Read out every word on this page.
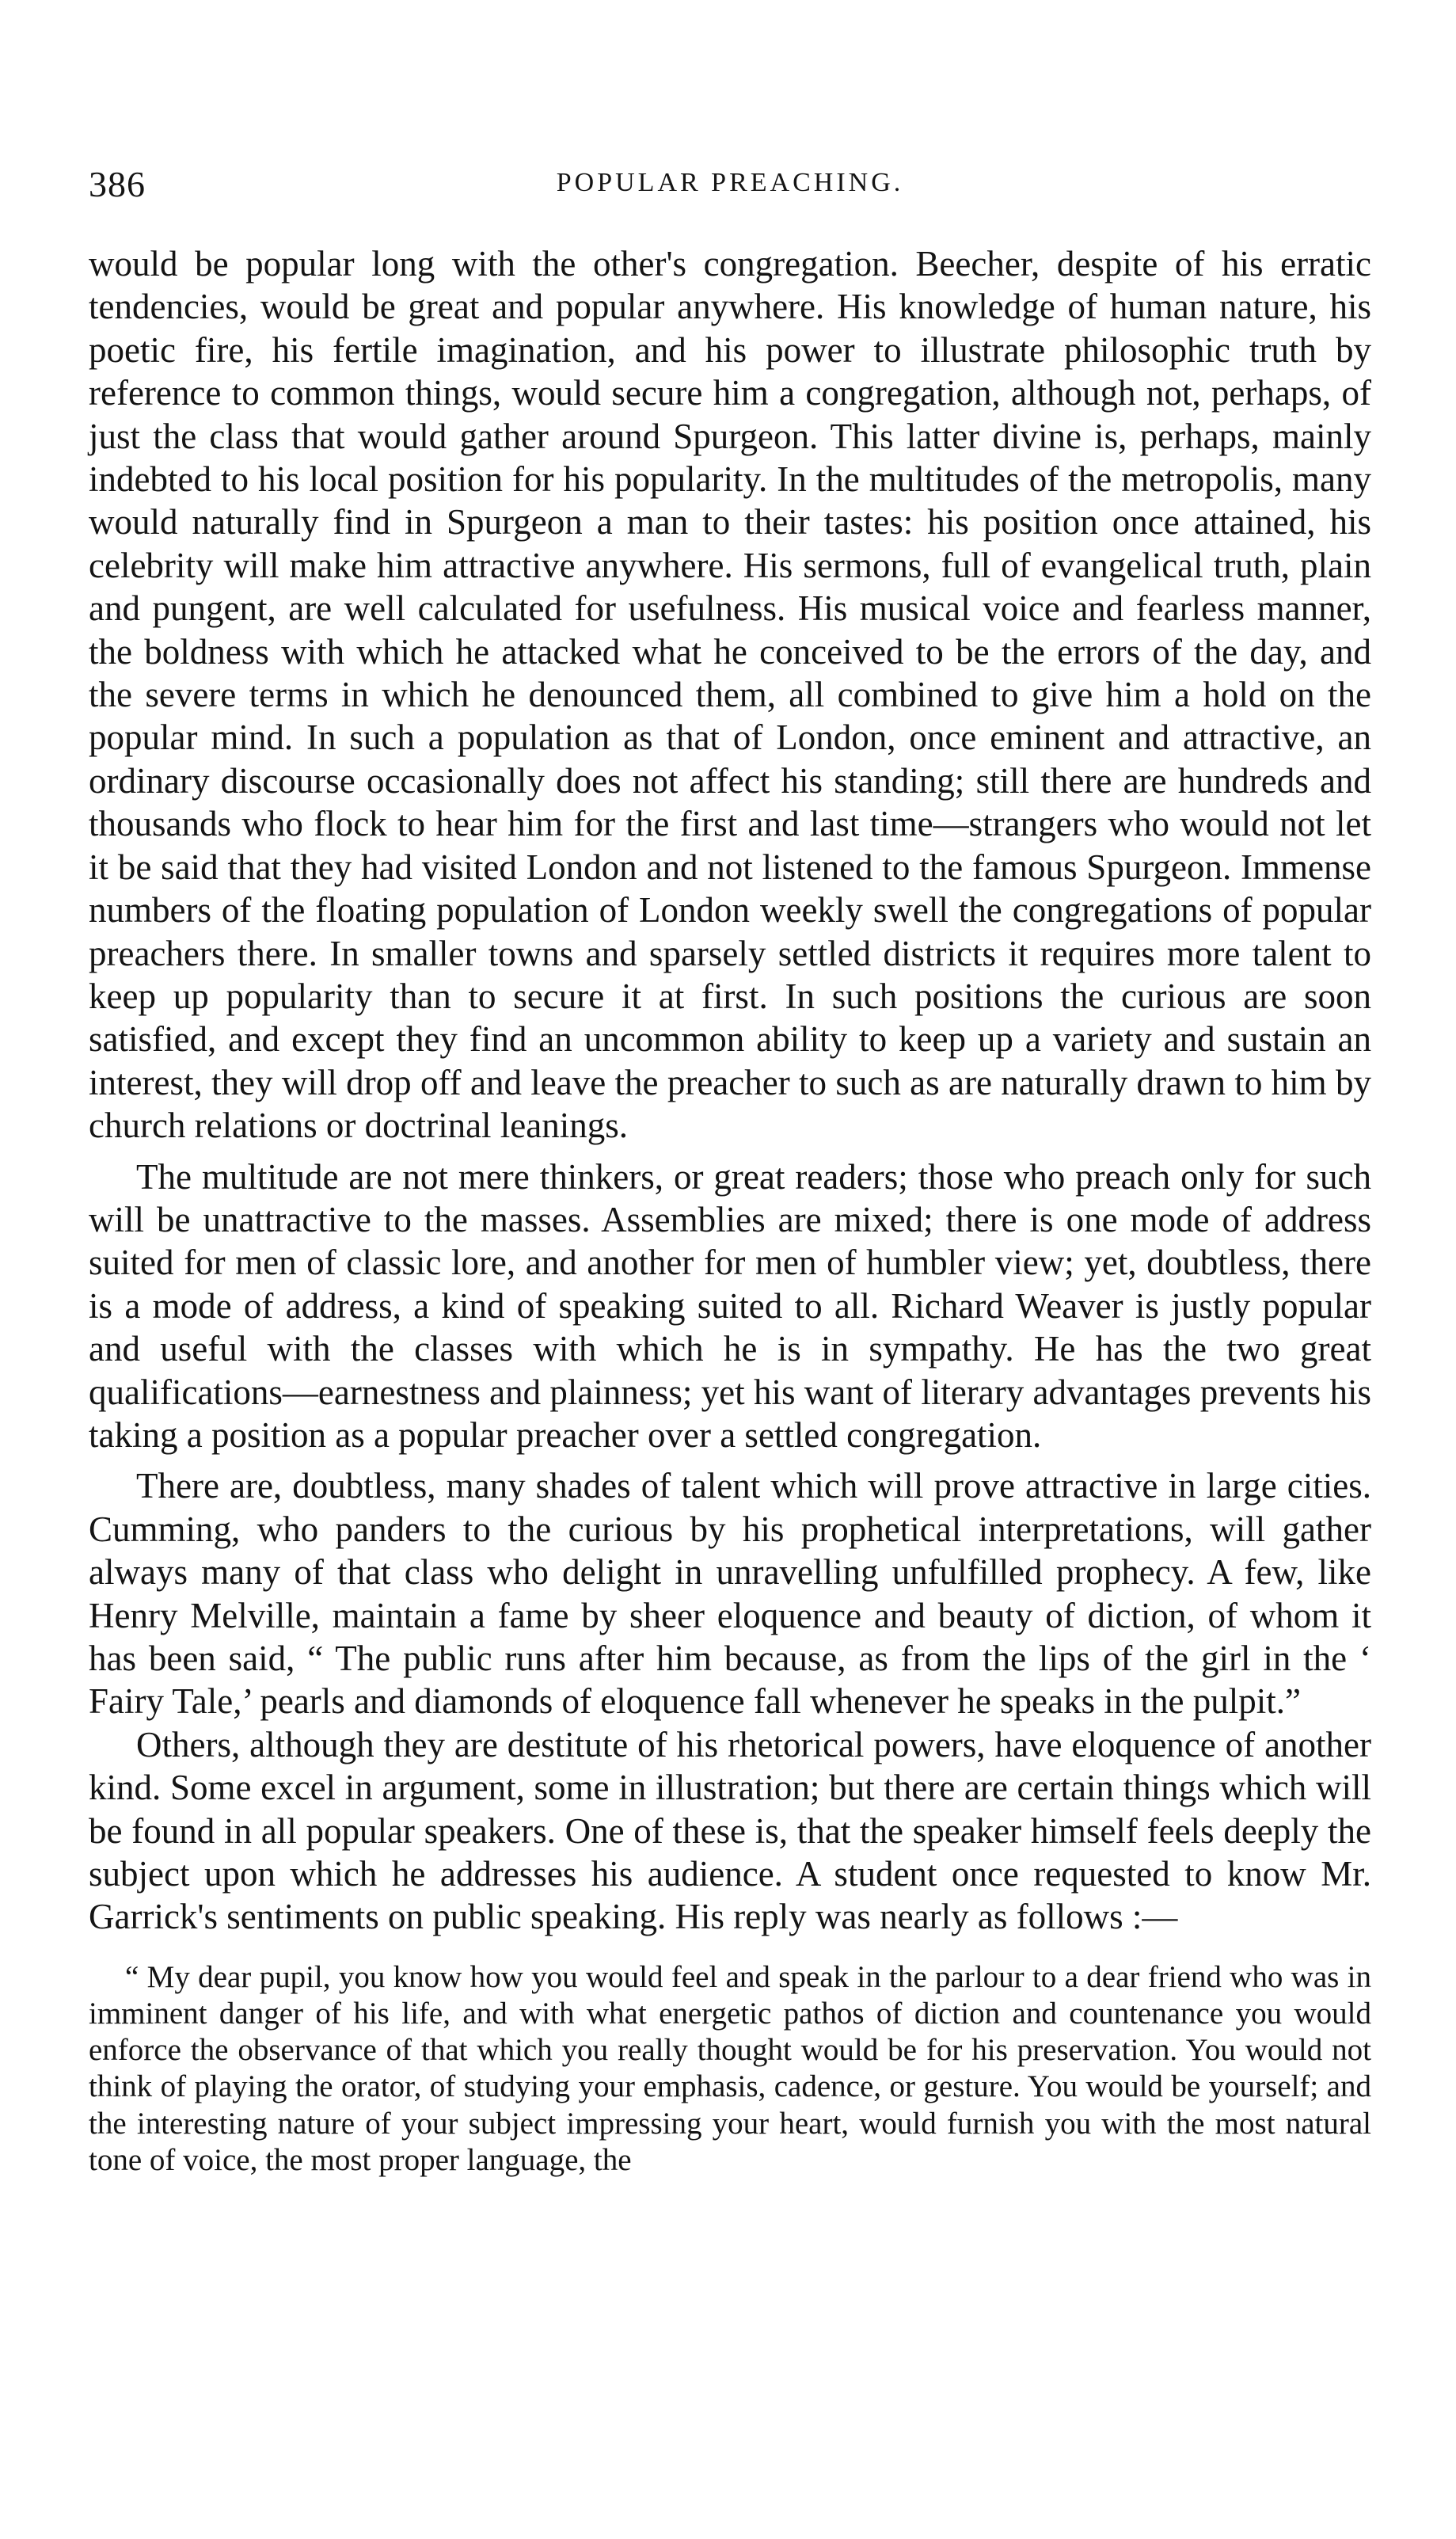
386	POPULAR PREACHING.

would be popular long with the other's congregation. Beecher, despite of his erratic tendencies, would be great and popular anywhere. His knowledge of human nature, his poetic fire, his fertile imagination, and his power to illustrate philosophic truth by reference to common things, would secure him a congregation, although not, perhaps, of just the class that would gather around Spurgeon. This latter divine is, perhaps, mainly indebted to his local position for his popularity. In the multitudes of the metropolis, many would naturally find in Spurgeon a man to their tastes: his position once attained, his celebrity will make him attractive anywhere. His sermons, full of evangelical truth, plain and pungent, are well calculated for usefulness. His musical voice and fearless manner, the boldness with which he attacked what he conceived to be the errors of the day, and the severe terms in which he denounced them, all combined to give him a hold on the popular mind. In such a population as that of London, once eminent and attractive, an ordinary discourse occasionally does not affect his standing; still there are hundreds and thousands who flock to hear him for the first and last time—strangers who would not let it be said that they had visited London and not listened to the famous Spurgeon. Immense numbers of the floating population of London weekly swell the congregations of popular preachers there. In smaller towns and sparsely settled districts it requires more talent to keep up popularity than to secure it at first. In such positions the curious are soon satisfied, and except they find an uncommon ability to keep up a variety and sustain an interest, they will drop off and leave the preacher to such as are naturally drawn to him by church relations or doctrinal leanings.

The multitude are not mere thinkers, or great readers; those who preach only for such will be unattractive to the masses. Assemblies are mixed; there is one mode of address suited for men of classic lore, and another for men of humbler view; yet, doubtless, there is a mode of address, a kind of speaking suited to all. Richard Weaver is justly popular and useful with the classes with which he is in sympathy. He has the two great qualifications—earnestness and plainness; yet his want of literary advantages prevents his taking a position as a popular preacher over a settled congregation.

There are, doubtless, many shades of talent which will prove attractive in large cities. Cumming, who panders to the curious by his prophetical interpretations, will gather always many of that class who delight in unravelling unfulfilled prophecy. A few, like Henry Melville, maintain a fame by sheer eloquence and beauty of diction, of whom it has been said, “ The public runs after him because, as from the lips of the girl in the ‘ Fairy Tale,’ pearls and diamonds of eloquence fall whenever he speaks in the pulpit.”

Others, although they are destitute of his rhetorical powers, have eloquence of another kind. Some excel in argument, some in illustration; but there are certain things which will be found in all popular speakers. One of these is, that the speaker himself feels deeply the subject upon which he addresses his audience. A student once requested to know Mr. Garrick's sentiments on public speaking. His reply was nearly as follows :—

“ My dear pupil, you know how you would feel and speak in the parlour to a dear friend who was in imminent danger of his life, and with what energetic pathos of diction and countenance you would enforce the observance of that which you really thought would be for his preservation. You would not think of playing the orator, of studying your emphasis, cadence, or gesture. You would be yourself; and the interesting nature of your subject impressing your heart, would furnish you with the most natural tone of voice, the most proper language, the
